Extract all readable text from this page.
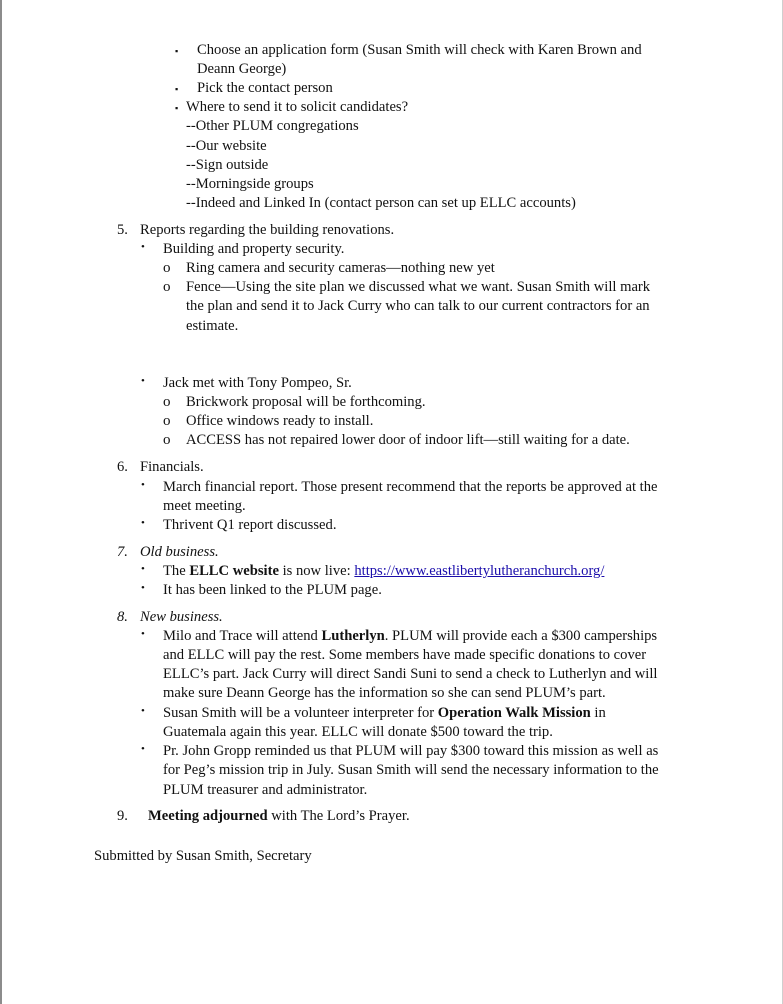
▪ Choose an application form (Susan Smith will check with Karen Brown and
Deann George)
▪ Pick the contact person
▪ Where to send it to solicit candidates?
--Other PLUM congregations
--Our website
--Sign outside
--Morningside groups
--Indeed and Linked In (contact person can set up ELLC accounts)
5. Reports regarding the building renovations.
• Building and property security.
o Ring camera and security cameras—nothing new yet
o Fence—Using the site plan we discussed what we want. Susan Smith will mark
the plan and send it to Jack Curry who can talk to our current contractors for an
estimate.
• Jack met with Tony Pompeo, Sr.
o Brickwork proposal will be forthcoming.
o Office windows ready to install.
o ACCESS has not repaired lower door of indoor lift—still waiting for a date.
6. Financials.
• March financial report. Those present recommend that the reports be approved at the
meet meeting.
• Thrivent Q1 report discussed.
7. Old business.
• The ELLC website is now live: https://www.eastlibertylutheranchurch.org/
• It has been linked to the PLUM page.
8. New business.
• Milo and Trace will attend Lutherlyn. PLUM will provide each a $300 camperships
and ELLC will pay the rest. Some members have made specific donations to cover
ELLC’s part. Jack Curry will direct Sandi Suni to send a check to Lutherlyn and will
make sure Deann George has the information so she can send PLUM’s part.
• Susan Smith will be a volunteer interpreter for Operation Walk Mission in
Guatemala again this year. ELLC will donate $500 toward the trip.
• Pr. John Gropp reminded us that PLUM will pay $300 toward this mission as well as
for Peg’s mission trip in July. Susan Smith will send the necessary information to the
PLUM treasurer and administrator.
9. Meeting adjourned with The Lord’s Prayer.
Submitted by Susan Smith, Secretary
